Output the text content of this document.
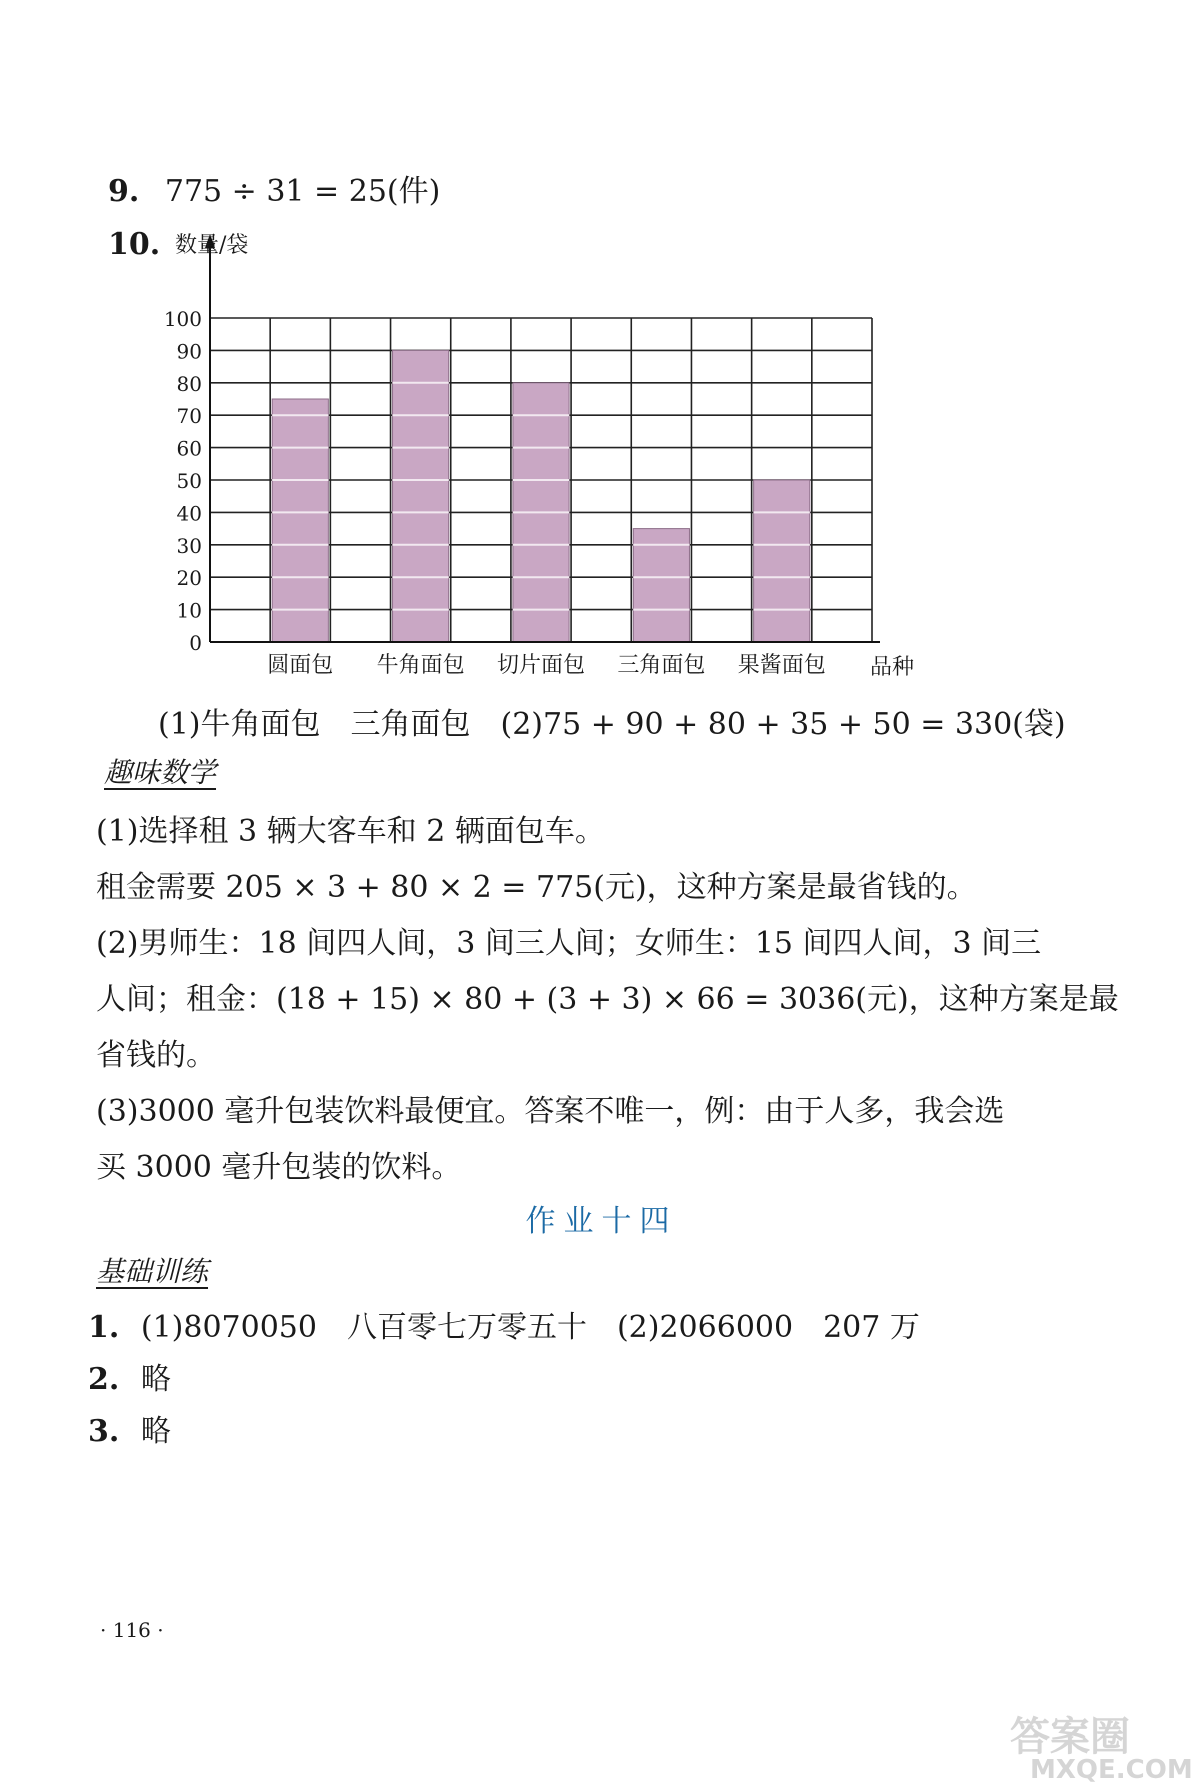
9. 775 ÷ 31 = 25(件)
10.
0
10
20
30
40
50
60
70
80
90
100
圆面包 牛角面包 切片面包 三角面包 果酱面包
数量/袋
品种
(1)牛角面包　三角面包　(2)75 + 90 + 80 + 35 + 50 = 330(袋)
趣味数学
(1)选择租 3 辆大客车和 2 辆面包车。
租金需要 205 × 3 + 80 × 2 = 775(元)，这种方案是最省钱的。
(2)男师生：18 间四人间，3 间三人间；女师生：15 间四人间，3 间三
人间；租金：(18 + 15) × 80 + (3 + 3) × 66 = 3036(元)，这种方案是最
省钱的。
(3)3000 毫升包装饮料最便宜。答案不唯一，例：由于人多，我会选
买 3000 毫升包装的饮料。
作业十四
基础训练
1. (1)8070050　八百零七万零五十　(2)2066000　207 万
2. 略
3. 略
· 116 ·
答案圈
MXQE.COM
